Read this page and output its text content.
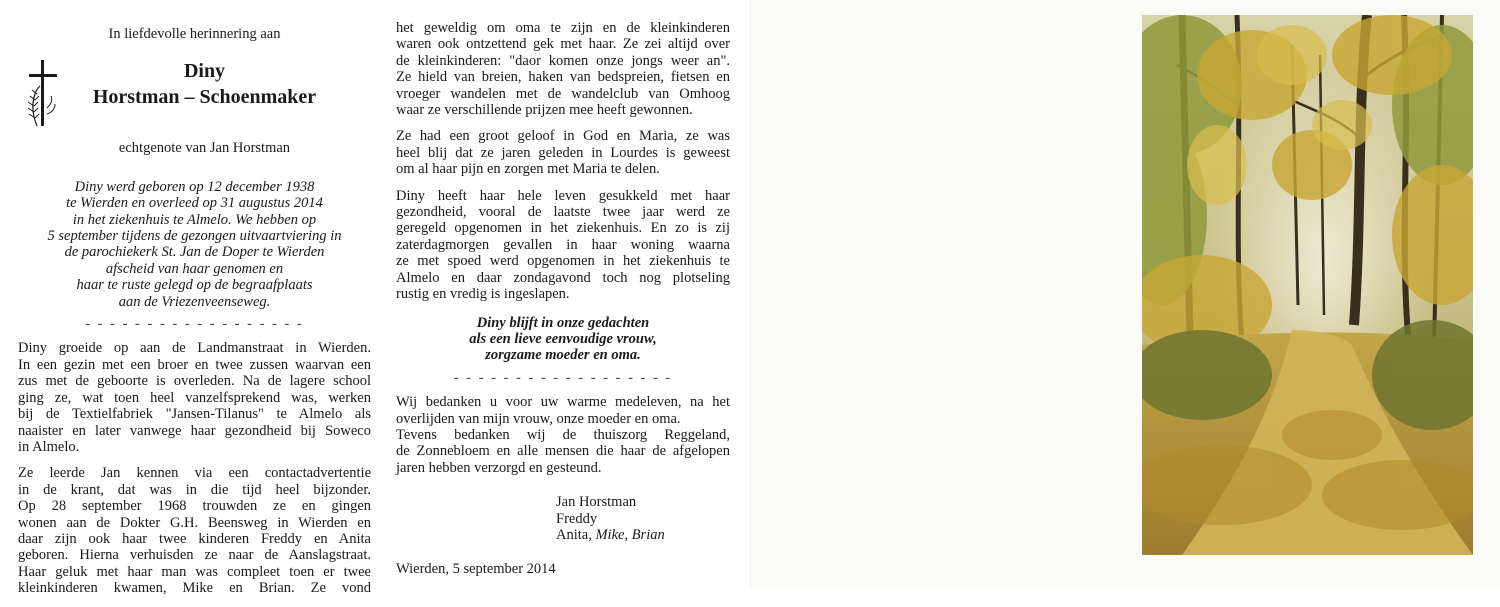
In liefdevolle herinnering aan

Diny

Horstman – Schoenmaker

echtgenote van Jan Horstman

Diny werd geboren op 12 december 1938
te Wierden en overleed op 31 augustus 2014
in het ziekenhuis te Almelo. We hebben op
5 september tijdens de gezongen uitvaartviering in
de parochiekerk St. Jan de Doper te Wierden
afscheid van haar genomen en
haar te ruste gelegd op de begraafplaats
aan de Vriezenveenseweg.
- - - - - - - - - - - - - - - - - -
Diny groeide op aan de Landmanstraat in Wierden.
In een gezin met een broer en twee zussen waarvan een
zus met de geboorte is overleden. Na de lagere school
ging ze, wat toen heel vanzelfsprekend was, werken
bij de Textielfabriek "Jansen-Tilanus" te Almelo als
naaister en later vanwege haar gezondheid bij Soweco
in Almelo.
Ze leerde Jan kennen via een contactadvertentie
in de krant, dat was in die tijd heel bijzonder.
Op 28 september 1968 trouwden ze en gingen
wonen aan de Dokter G.H. Beensweg in Wierden en
daar zijn ook haar twee kinderen Freddy en Anita
geboren. Hierna verhuisden ze naar de Aanslagstraat.
Haar geluk met haar man was compleet toen er twee
kleinkinderen kwamen, Mike en Brian. Ze vond
het geweldig om oma te zijn en de kleinkinderen
waren ook ontzettend gek met haar. Ze zei altijd over
de kleinkinderen: "daor komen onze jongs weer an".
Ze hield van breien, haken van bedspreien, fietsen en
vroeger wandelen met de wandelclub van Omhoog
waar ze verschillende prijzen mee heeft gewonnen.
Ze had een groot geloof in God en Maria, ze was
heel blij dat ze jaren geleden in Lourdes is geweest
om al haar pijn en zorgen met Maria te delen.
Diny heeft haar hele leven gesukkeld met haar
gezondheid, vooral de laatste twee jaar werd ze
geregeld opgenomen in het ziekenhuis. En zo is zij
zaterdagmorgen gevallen in haar woning waarna
ze met spoed werd opgenomen in het ziekenhuis te
Almelo en daar zondagavond toch nog plotseling
rustig en vredig is ingeslapen.
Diny blijft in onze gedachten
als een lieve eenvoudige vrouw,
zorgzame moeder en oma.
- - - - - - - - - - - - - - - - - -
Wij bedanken u voor uw warme medeleven, na het
overlijden van mijn vrouw, onze moeder en oma.
Tevens bedanken wij de thuiszorg Reggeland,
de Zonnebloem en alle mensen die haar de afgelopen
jaren hebben verzorgd en gesteund.
Jan Horstman
Freddy
Anita, Mike, Brian
Wierden, 5 september 2014
